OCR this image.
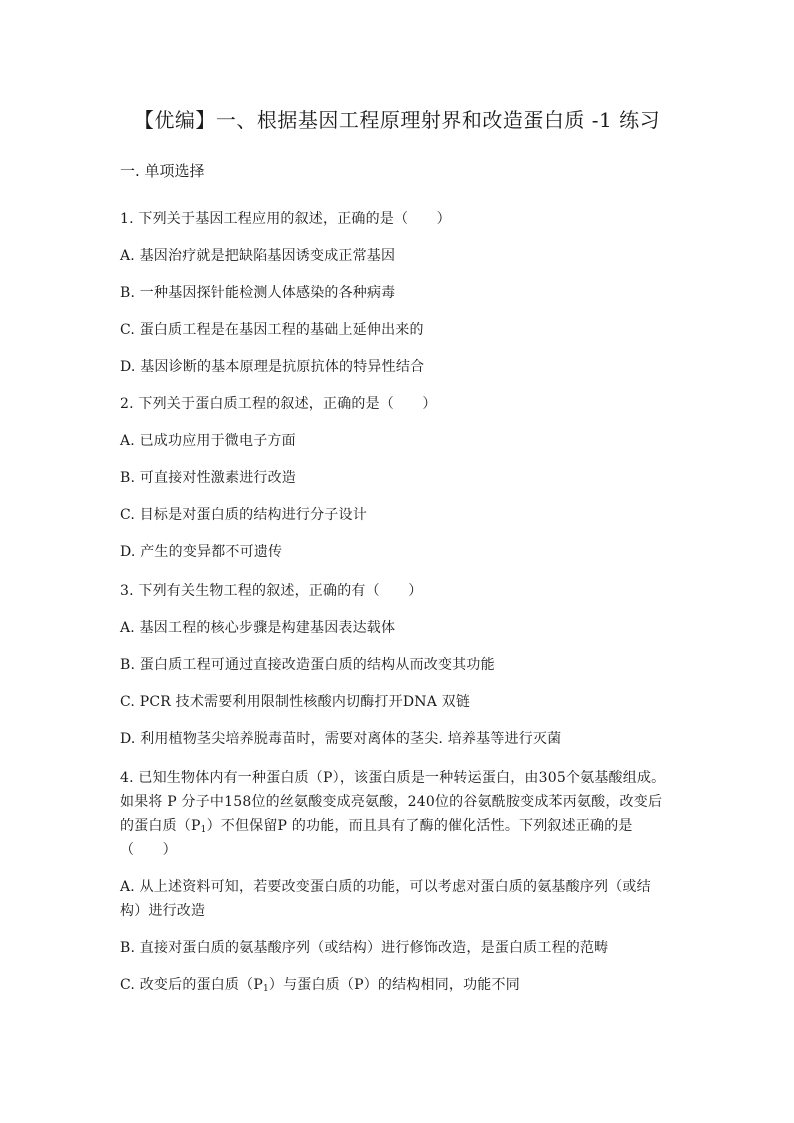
【优编】一、根据基因工程原理射界和改造蛋白质 -1 练习
一. 单项选择
1. 下列关于基因工程应用的叙述，正确的是（　　）
A. 基因治疗就是把缺陷基因诱变成正常基因
B. 一种基因探针能检测人体感染的各种病毒
C. 蛋白质工程是在基因工程的基础上延伸出来的
D. 基因诊断的基本原理是抗原抗体的特异性结合
2. 下列关于蛋白质工程的叙述，正确的是（　　）
A. 已成功应用于微电子方面
B. 可直接对性激素进行改造
C. 目标是对蛋白质的结构进行分子设计
D. 产生的变异都不可遗传
3. 下列有关生物工程的叙述，正确的有（　　）
A. 基因工程的核心步骤是构建基因表达载体
B. 蛋白质工程可通过直接改造蛋白质的结构从而改变其功能
C. PCR 技术需要利用限制性核酸内切酶打开DNA 双链
D. 利用植物茎尖培养脱毒苗时，需要对离体的茎尖. 培养基等进行灭菌
4. 已知生物体内有一种蛋白质（P），该蛋白质是一种转运蛋白，由305个氨基酸组成。
如果将 P 分子中158位的丝氨酸变成亮氨酸，240位的谷氨酰胺变成苯丙氨酸，改变后
的蛋白质$(P_1)$不但保留P 的功能，而且具有了酶的催化活性。下列叙述正确的是
（　　）
A. 从上述资料可知，若要改变蛋白质的功能，可以考虑对蛋白质的氨基酸序列（或结
构）进行改造
B. 直接对蛋白质的氨基酸序列（或结构）进行修饰改造，是蛋白质工程的范畴
C. 改变后的蛋白质$(P_1)$与蛋白质（P）的结构相同，功能不同
